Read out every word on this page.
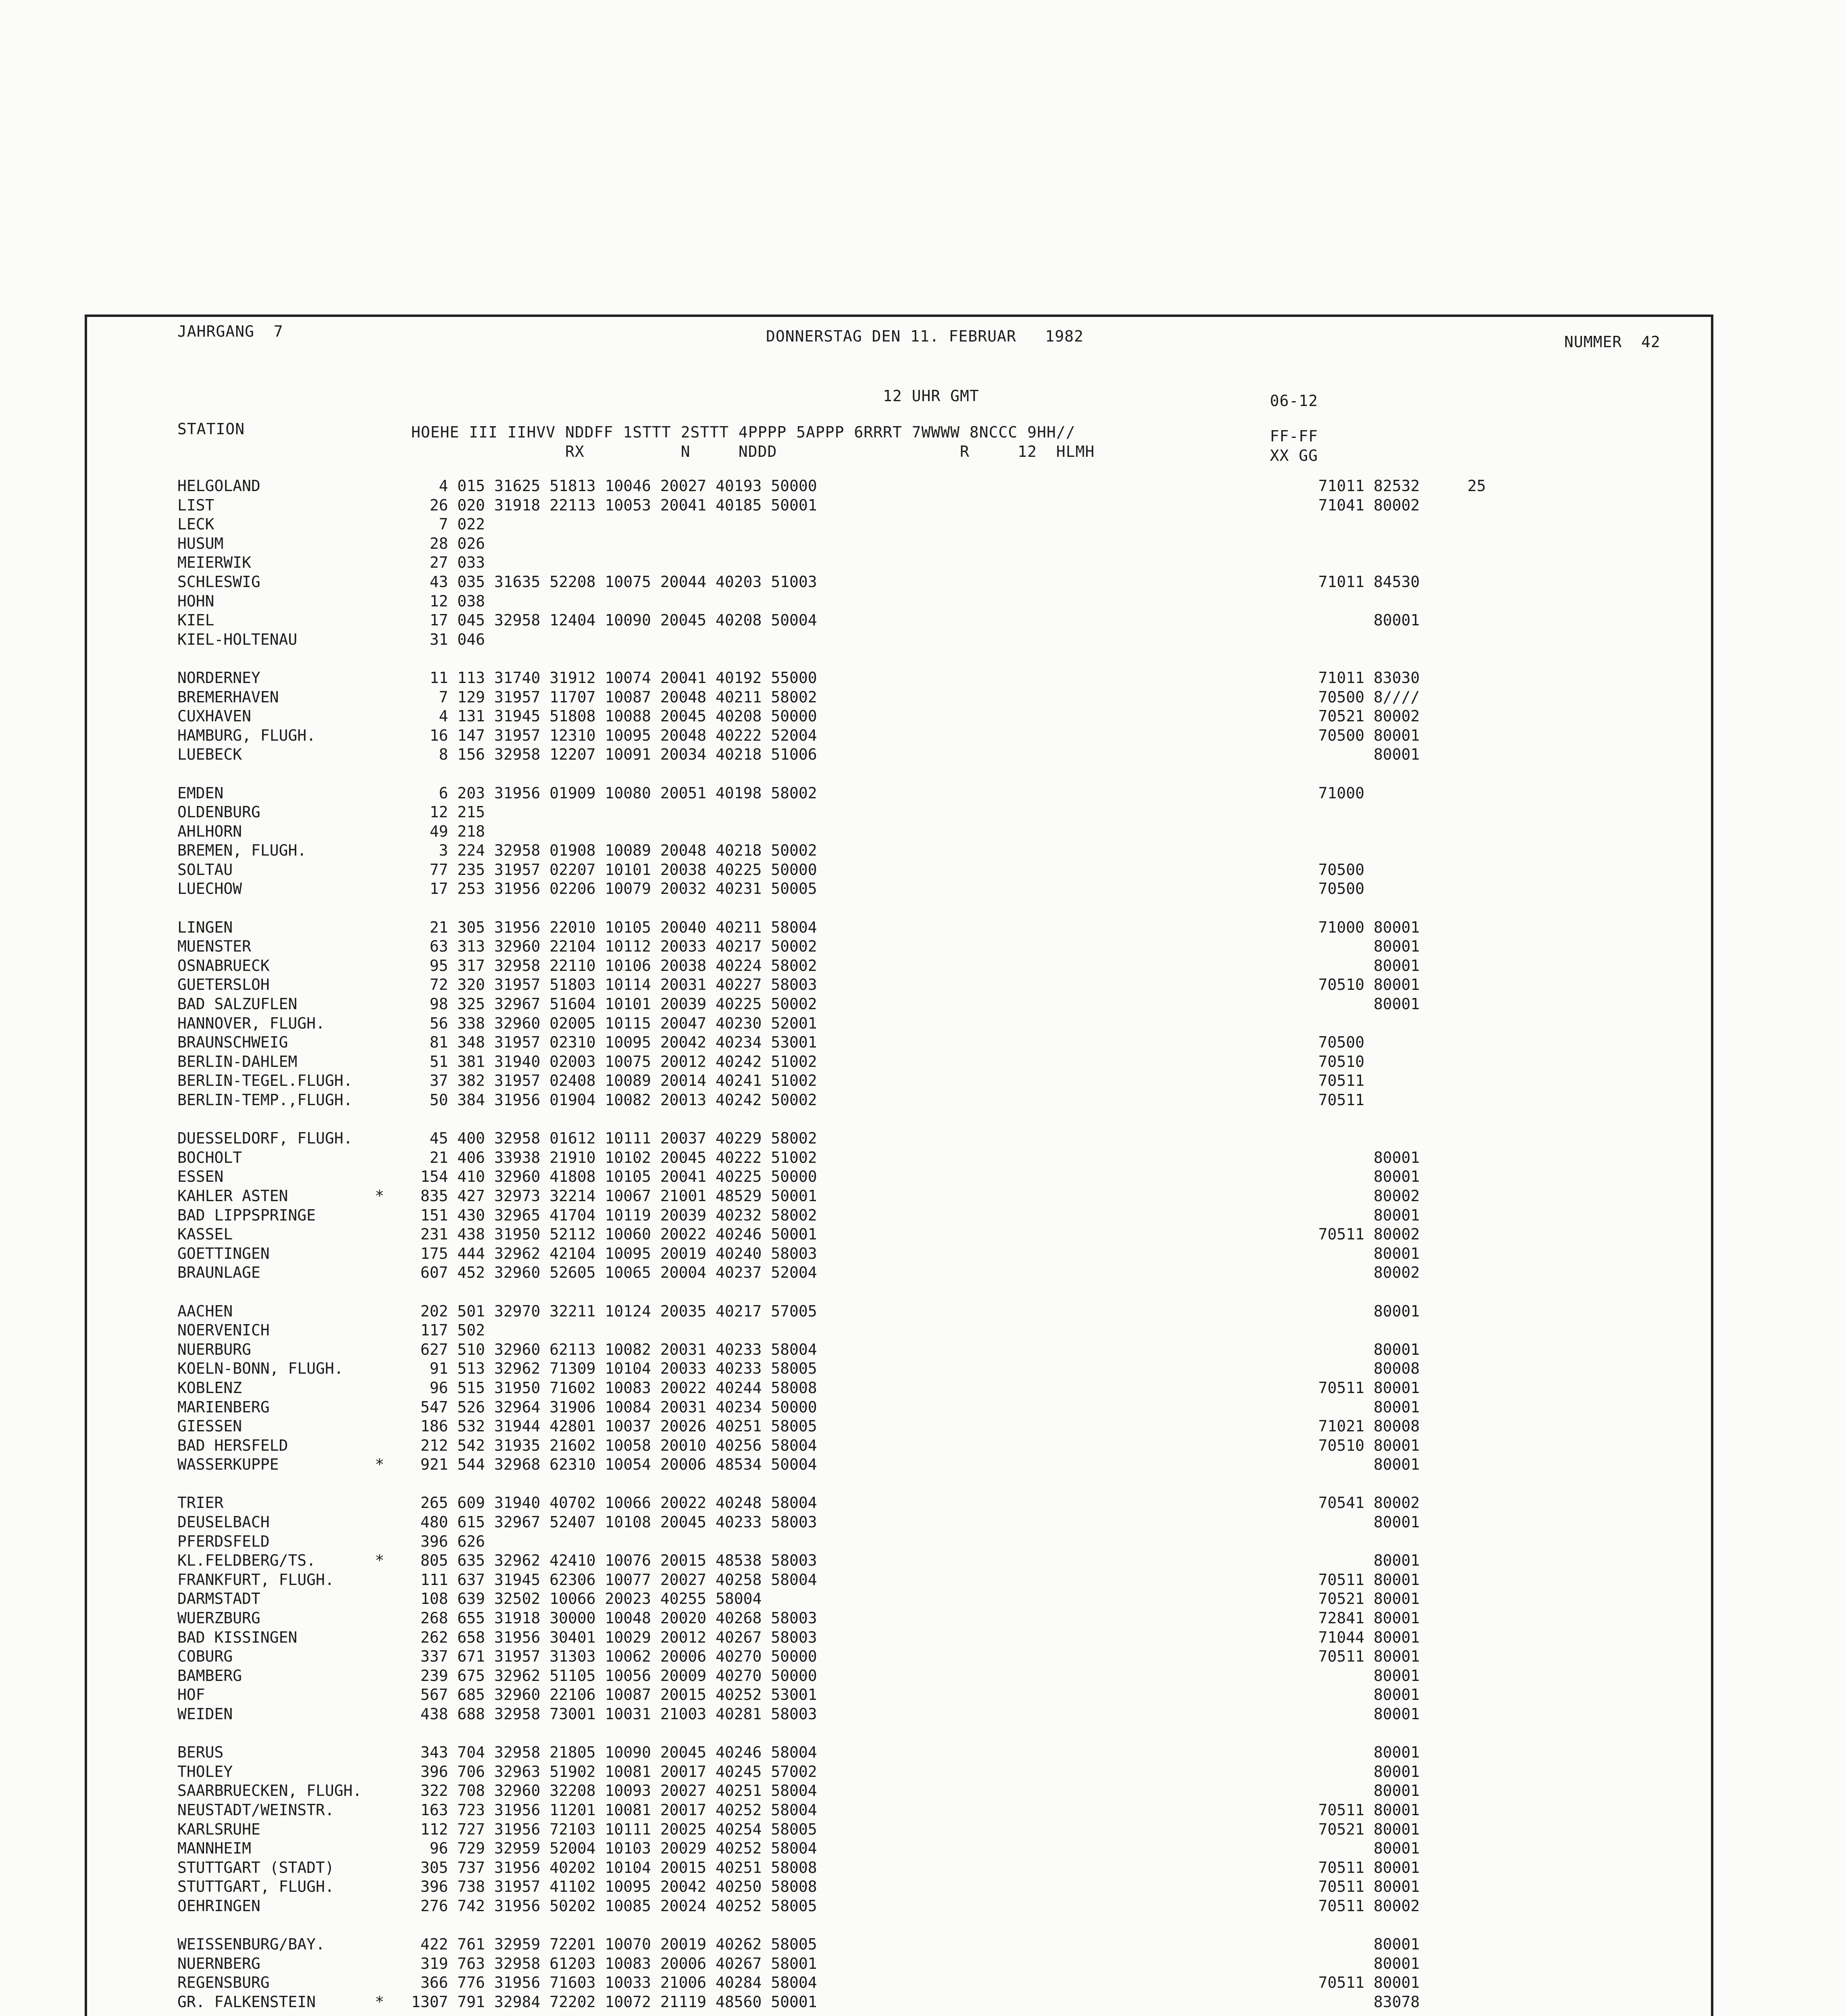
JAHRGANG  7	DONNERSTAG DEN 11. FEBRUAR   1982	NUMMER  42
12 UHR GMT	06-12
STATION	HOEHE III IIHVV NDDFF 1STTT 2STTT 4PPPP 5APPP 6RRRT 7WWWW 8NCCC 9HH//
RX          N     NDDD                   R     12  HLMH
FF-FF
XX GG
HELGOLAND	4 015 31625 51813 10046 20027 40193 50000	71011 82532	25
LIST	26 020 31918 22113 10053 20041 40185 50001	71041 80002
LECK	7 022
HUSUM	28 026
MEIERWIK	27 033
SCHLESWIG	43 035 31635 52208 10075 20044 40203 51003	71011 84530
HOHN	12 038
KIEL	17 045 32958 12404 10090 20045 40208 50004	80001
KIEL-HOLTENAU	31 046
NORDERNEY	11 113 31740 31912 10074 20041 40192 55000	71011 83030
BREMERHAVEN	7 129 31957 11707 10087 20048 40211 58002	70500 8////
CUXHAVEN	4 131 31945 51808 10088 20045 40208 50000	70521 80002
HAMBURG, FLUGH.	16 147 31957 12310 10095 20048 40222 52004	70500 80001
LUEBECK	8 156 32958 12207 10091 20034 40218 51006	80001
EMDEN	6 203 31956 01909 10080 20051 40198 58002	71000
OLDENBURG	12 215
AHLHORN	49 218
BREMEN, FLUGH.	3 224 32958 01908 10089 20048 40218 50002
SOLTAU	77 235 31957 02207 10101 20038 40225 50000	70500
LUECHOW	17 253 31956 02206 10079 20032 40231 50005	70500
LINGEN	21 305 31956 22010 10105 20040 40211 58004	71000 80001
MUENSTER	63 313 32960 22104 10112 20033 40217 50002	80001
OSNABRUECK	95 317 32958 22110 10106 20038 40224 58002	80001
GUETERSLOH	72 320 31957 51803 10114 20031 40227 58003	70510 80001
BAD SALZUFLEN	98 325 32967 51604 10101 20039 40225 50002	80001
HANNOVER, FLUGH.	56 338 32960 02005 10115 20047 40230 52001
BRAUNSCHWEIG	81 348 31957 02310 10095 20042 40234 53001	70500
BERLIN-DAHLEM	51 381 31940 02003 10075 20012 40242 51002	70510
BERLIN-TEGEL.FLUGH.	37 382 31957 02408 10089 20014 40241 51002	70511
BERLIN-TEMP.,FLUGH.	50 384 31956 01904 10082 20013 40242 50002	70511
DUESSELDORF, FLUGH.	45 400 32958 01612 10111 20037 40229 58002
BOCHOLT	21 406 33938 21910 10102 20045 40222 51002	80001
ESSEN	154 410 32960 41808 10105 20041 40225 50000	80001
KAHLER ASTEN	* 835 427 32973 32214 10067 21001 48529 50001	80002
BAD LIPPSPRINGE	151 430 32965 41704 10119 20039 40232 58002	80001
KASSEL	231 438 31950 52112 10060 20022 40246 50001	70511 80002
GOETTINGEN	175 444 32962 42104 10095 20019 40240 58003	80001
BRAUNLAGE	607 452 32960 52605 10065 20004 40237 52004	80002
AACHEN	202 501 32970 32211 10124 20035 40217 57005	80001
NOERVENICH	117 502
NUERBURG	627 510 32960 62113 10082 20031 40233 58004	80001
KOELN-BONN, FLUGH.	91 513 32962 71309 10104 20033 40233 58005	80008
KOBLENZ	96 515 31950 71602 10083 20022 40244 58008	70511 80001
MARIENBERG	547 526 32964 31906 10084 20031 40234 50000	80001
GIESSEN	186 532 31944 42801 10037 20026 40251 58005	71021 80008
BAD HERSFELD	212 542 31935 21602 10058 20010 40256 58004	70510 80001
WASSERKUPPE	* 921 544 32968 62310 10054 20006 48534 50004	80001
TRIER	265 609 31940 40702 10066 20022 40248 58004	70541 80002
DEUSELBACH	480 615 32967 52407 10108 20045 40233 58003	80001
PFERDSFELD	396 626
KL.FELDBERG/TS.	* 805 635 32962 42410 10076 20015 48538 58003	80001
FRANKFURT, FLUGH.	111 637 31945 62306 10077 20027 40258 58004	70511 80001
DARMSTADT	108 639 32502 10066 20023 40255 58004	70521 80001
WUERZBURG	268 655 31918 30000 10048 20020 40268 58003	72841 80001
BAD KISSINGEN	262 658 31956 30401 10029 20012 40267 58003	71044 80001
COBURG	337 671 31957 31303 10062 20006 40270 50000	70511 80001
BAMBERG	239 675 32962 51105 10056 20009 40270 50000	80001
HOF	567 685 32960 22106 10087 20015 40252 53001	80001
WEIDEN	438 688 32958 73001 10031 21003 40281 58003	80001
BERUS	343 704 32958 21805 10090 20045 40246 58004	80001
THOLEY	396 706 32963 51902 10081 20017 40245 57002	80001
SAARBRUECKEN, FLUGH.	322 708 32960 32208 10093 20027 40251 58004	80001
NEUSTADT/WEINSTR.	163 723 31956 11201 10081 20017 40252 58004	70511 80001
KARLSRUHE	112 727 31956 72103 10111 20025 40254 58005	70521 80001
MANNHEIM	96 729 32959 52004 10103 20029 40252 58004	80001
STUTTGART (STADT)	305 737 31956 40202 10104 20015 40251 58008	70511 80001
STUTTGART, FLUGH.	396 738 31957 41102 10095 20042 40250 58008	70511 80001
OEHRINGEN	276 742 31956 50202 10085 20024 40252 58005	70511 80002
WEISSENBURG/BAY.	422 761 32959 72201 10070 20019 40262 58005	80001
NUERNBERG	319 763 32958 61203 10083 20006 40267 58001	80001
REGENSBURG	366 776 31956 71603 10033 21006 40284 58004	70511 80001
GR. FALKENSTEIN	* 1307 791 32984 72202 10072 21119 48560 50001	83078
